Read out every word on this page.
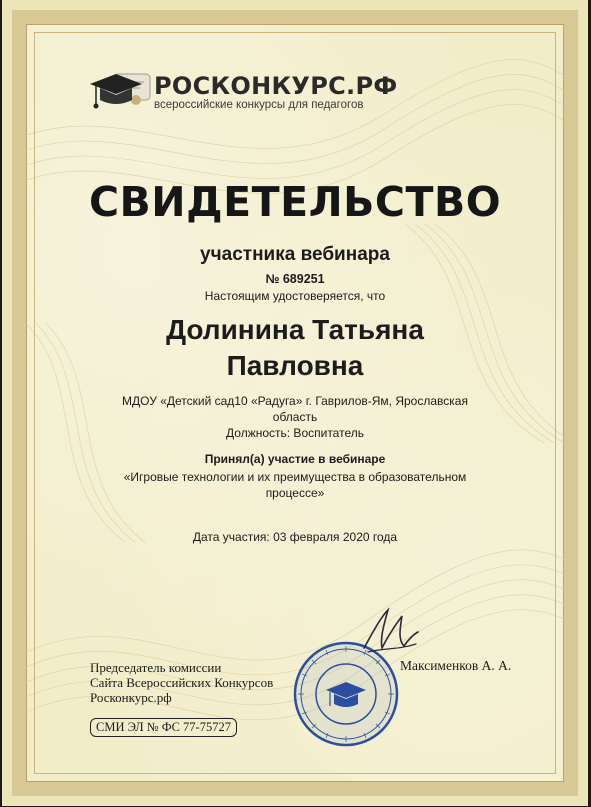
РОСКОНКУРС.РФ
всероссийские конкурсы для педагогов
СВИДЕТЕЛЬСТВО
участника вебинара
№ 689251
Настоящим удостоверяется, что
Долинина Татьяна
Павловна
МДОУ «Детский сад10 «Радуга» г. Гаврилов-Ям, Ярославская область
Должность: Воспитатель
Принял(а) участие в вебинаре
«Игровые технологии и их преимущества в образовательном процессе»
Дата участия: 03 февраля 2020 года
Председатель комиссии
Сайта Всероссийских Конкурсов
Росконкурс.рф
Максименков А. А.
СМИ ЭЛ № ФС 77-75727
